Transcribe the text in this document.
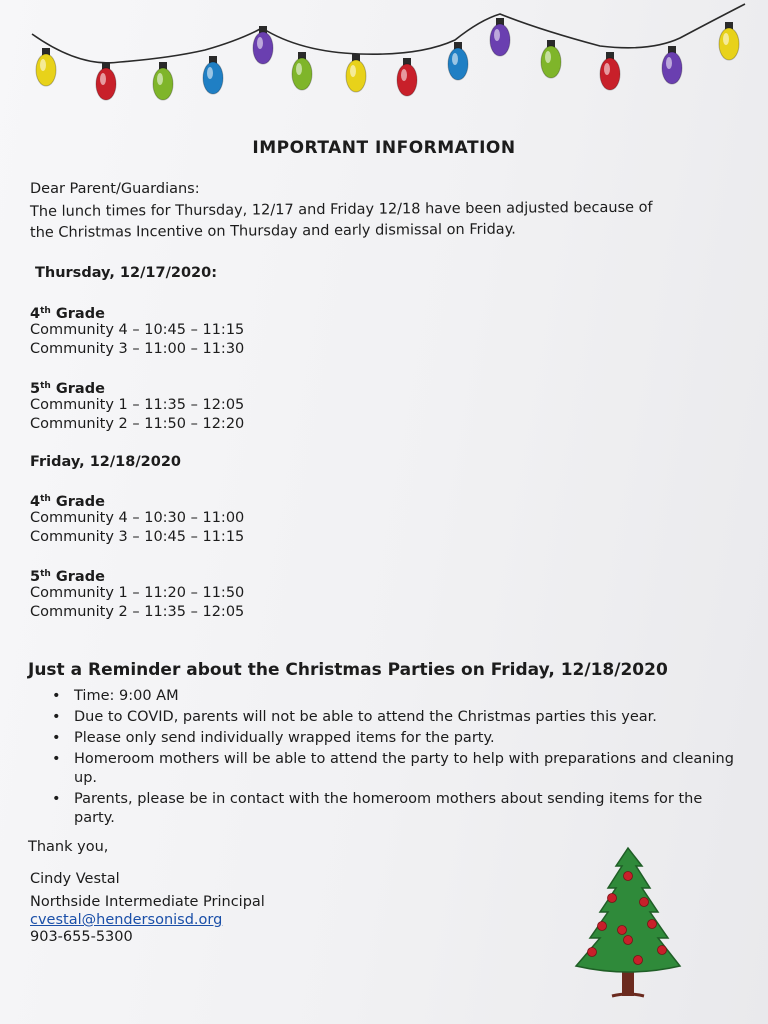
IMPORTANT INFORMATION
Dear Parent/Guardians:
The lunch times for Thursday, 12/17 and Friday 12/18 have been adjusted because of
the Christmas Incentive on Thursday and early dismissal on Friday.
Thursday, 12/17/2020:
4th Grade
Community 4 – 10:45 – 11:15
Community 3 – 11:00 – 11:30
5th Grade
Community 1 – 11:35 – 12:05
Community 2 – 11:50 – 12:20
Friday, 12/18/2020
4th Grade
Community 4 – 10:30 – 11:00
Community 3 – 10:45 – 11:15
5th Grade
Community 1 – 11:20 – 11:50
Community 2 – 11:35 – 12:05
Just a Reminder about the Christmas Parties on Friday, 12/18/2020
• Time: 9:00 AM
• Due to COVID, parents will not be able to attend the Christmas parties this year.
• Please only send individually wrapped items for the party.
• Homeroom mothers will be able to attend the party to help with preparations and cleaning up.
• Parents, please be in contact with the homeroom mothers about sending items for the party.
Thank you,
Cindy Vestal
Northside Intermediate Principal
cvestal@hendersonisd.org
903-655-5300
